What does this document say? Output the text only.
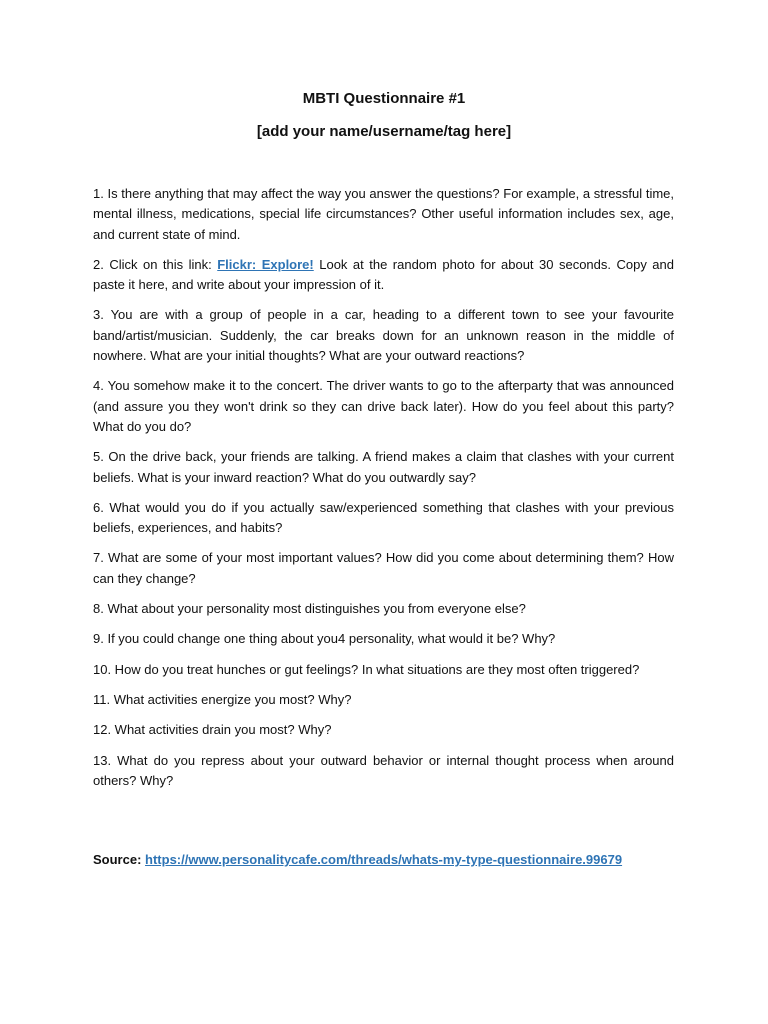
MBTI Questionnaire #1
[add your name/username/tag here]
1. Is there anything that may affect the way you answer the questions? For example, a stressful time, mental illness, medications, special life circumstances? Other useful information includes sex, age, and current state of mind.
2. Click on this link: Flickr: Explore! Look at the random photo for about 30 seconds. Copy and paste it here, and write about your impression of it.
3. You are with a group of people in a car, heading to a different town to see your favourite band/artist/musician. Suddenly, the car breaks down for an unknown reason in the middle of nowhere. What are your initial thoughts? What are your outward reactions?
4. You somehow make it to the concert. The driver wants to go to the afterparty that was announced (and assure you they won't drink so they can drive back later). How do you feel about this party? What do you do?
5. On the drive back, your friends are talking. A friend makes a claim that clashes with your current beliefs. What is your inward reaction? What do you outwardly say?
6. What would you do if you actually saw/experienced something that clashes with your previous beliefs, experiences, and habits?
7. What are some of your most important values? How did you come about determining them? How can they change?
8. What about your personality most distinguishes you from everyone else?
9. If you could change one thing about you4 personality, what would it be? Why?
10. How do you treat hunches or gut feelings? In what situations are they most often triggered?
11. What activities energize you most? Why?
12. What activities drain you most? Why?
13. What do you repress about your outward behavior or internal thought process when around others? Why?
Source: https://www.personalitycafe.com/threads/whats-my-type-questionnaire.99679
